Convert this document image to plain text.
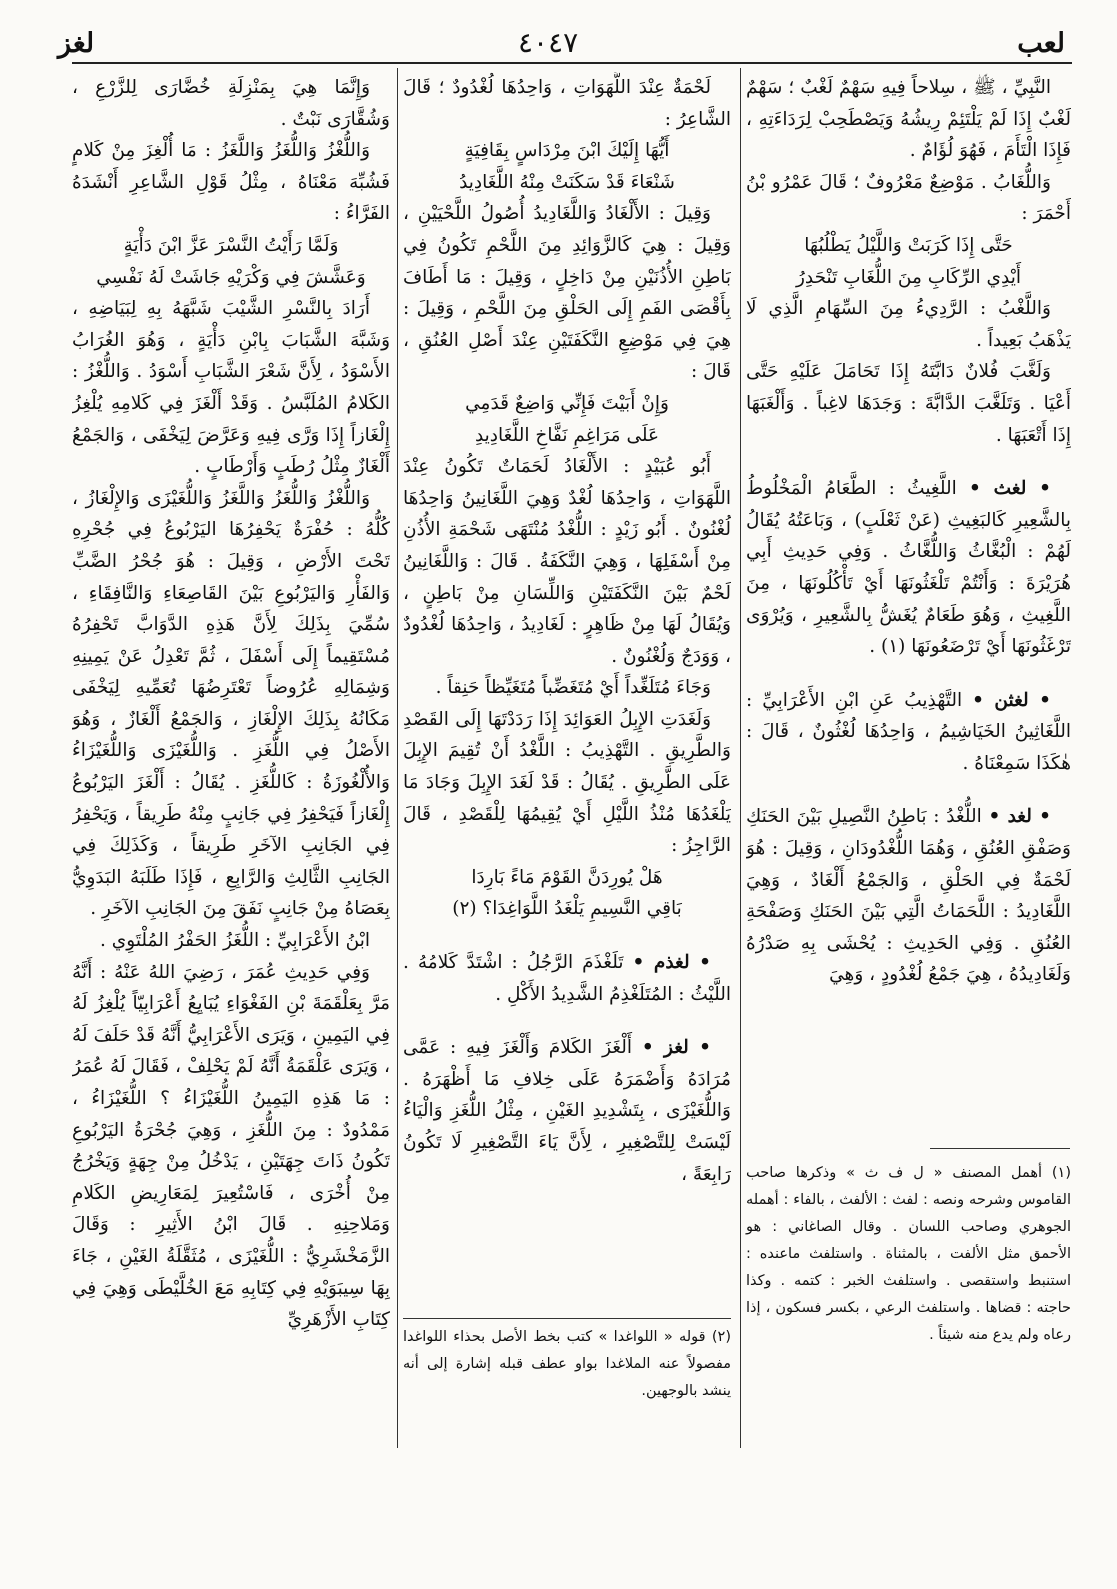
لعب
٤٠٤٧
لغز

النَّبِيِّ ، ﷺ ، سِلاحاً فِيهِ سَهْمٌ لَغْبٌ ؛ سَهْمٌ لَغْبٌ إِذَا لَمْ يَلْتَئِمْ رِيشُهُ وَيَصْطَحِبْ لِرَدَاءَتِهِ ، فَإِذَا الْتَأَمَ ، فَهُوَ لُؤَامٌ .

وَاللُّغَابُ . مَوْضِعٌ مَعْرُوفٌ ؛ قَالَ عَمْرُو بْنُ أَحْمَرَ :

حَتَّى إِذَا كَرَبَتْ وَاللَّيْلُ يَطْلُبُهَا

أَيْدِي الرِّكَابِ مِنَ اللُّغَابِ تَنْحَدِرُ

وَاللَّغْبُ : الرَّدِيءُ مِنَ السِّهَامِ الَّذِي لَا يَذْهَبُ بَعِيداً .

وَلَغَّبَ فُلانٌ دَابَّتَهُ إِذَا تَحَامَلَ عَلَيْهِ حَتَّى أَعْيَا . وَتَلَغَّبَ الدَّابَّةَ : وَجَدَهَا لاغِباً . وَأَلْغَبَهَا إِذَا أَتْعَبَهَا .

• لغث • اللَّغِيثُ : الطَّعَامُ الْمَخْلُوطُ بِالشَّعِيرِ كَالبَغِيثِ (عَنْ ثَعْلَبٍ) ، وَبَاعَتُهُ يُقَالُ لَهُمْ : الْبُغَّاثُ وَاللُّغَّاثُ . وَفِي حَدِيثِ أَبِي هُرَيْرَةَ : وَأَنْتُمْ تَلْغَثُونَهَا أَيْ تَأْكُلُونَهَا ، مِنَ اللَّغِيثِ ، وَهُوَ طَعَامٌ يُغَشُّ بِالشَّعِيرِ ، وَيُرْوَى تَرْغَثُونَهَا أَيْ تَرْضَعُونَهَا (١) .

• لغثن • التَّهْذِيبُ عَنِ ابْنِ الأَعْرَابِيِّ : اللَّغَاثِينُ الخَيَاشِيمُ ، وَاحِدُهَا لُغْثُونٌ ، قَالَ : هٰكَذَا سَمِعْنَاهُ .

• لغد • اللُّغْدُ : بَاطِنُ النَّصِيلِ بَيْنَ الحَنَكِ وَصَفْقِ العُنُقِ ، وَهُمَا اللُّغْدُودَانِ ، وَقِيلَ : هُوَ لَحْمَةٌ فِي الحَلْقِ ، وَالجَمْعُ أَلْغَادٌ ، وَهِيَ اللَّغَادِيدُ : اللَّحَمَاتُ الَّتِي بَيْنَ الحَنَكِ وَصَفْحَةِ العُنُقِ . وَفِي الحَدِيثِ : يُحْشَى بِهِ صَدْرُهُ وَلَغَادِيدُهُ ، هِيَ جَمْعُ لُغْدُودٍ ، وَهِيَ

(١) أهمل المصنف « ل ف ث » وذكرها صاحب القاموس وشرحه ونصه : لفث : الألفث ، بالفاء : أهمله الجوهري وصاحب اللسان . وقال الصاغاني : هو الأحمق مثل الألفت ، بالمثناة . واستلفث ماعنده : استنبط واستقصى . واستلفث الخبر : كتمه . وكذا حاجته : قضاها . واستلفث الرعي ، بكسر فسكون ، إذا رعاه ولم يدع منه شيئاً .

لَحْمَةٌ عِنْدَ اللَّهَوَاتِ ، وَاحِدُهَا لُغْدُودٌ ؛ قَالَ الشَّاعِرُ :

أَيُّهَا إِلَيْكَ ابْنَ مِرْدَاسٍ بِقَافِيَةٍ

شَنْعَاءَ قَدْ سَكَنَتْ مِنْهُ اللَّغَادِيدُ

وَقِيلَ : الأَلْغَادُ وَاللَّغَادِيدُ أُصُولُ اللَّحْيَيْنِ ، وَقِيلَ : هِيَ كَالزَّوَائِدِ مِنَ اللَّحْمِ تَكُونُ فِي بَاطِنِ الأُذُنَيْنِ مِنْ دَاخِلٍ ، وَقِيلَ : مَا أَطَافَ بِأَقْصَى الفَمِ إِلَى الحَلْقِ مِنَ اللَّحْمِ ، وَقِيلَ : هِيَ فِي مَوْضِعِ النَّكَفَتَيْنِ عِنْدَ أَصْلِ العُنُقِ ، قَالَ :

وَإِنْ أَبَيْتَ فَإِنِّي وَاضِعٌ قَدَمِي

عَلَى مَرَاغِمِ نَفَّاخِ اللَّغَادِيدِ

أَبُو عُبَيْدٍ : الأَلْغَادُ لَحَمَاتٌ تَكُونُ عِنْدَ اللَّهَوَاتِ ، وَاحِدُهَا لُغْدٌ وَهِيَ اللَّغَانِينُ وَاحِدُهَا لُغْنُونٌ . أَبُو زَيْدٍ : اللُّغْدُ مُنْتَهَى شَحْمَةِ الأُذُنِ مِنْ أَسْفَلِهَا ، وَهِيَ النَّكَفَةُ . قَالَ : وَاللَّغَانِينُ لَحْمٌ بَيْنَ النَّكَفَتَيْنِ وَاللِّسَانِ مِنْ بَاطِنٍ ، وَيُقَالُ لَهَا مِنْ ظَاهِرٍ : لَغَادِيدُ ، وَاحِدُهَا لُغْدُودٌ ، وَوَدَجٌ وَلُغْنُونٌ .

وَجَاءَ مُتَلَغِّداً أَيْ مُتَغَضِّباً مُتَغَيِّظاً حَنِقاً .

وَلَغَدَتِ الإِبِلُ العَوَائِدَ إِذَا رَدَدْتَهَا إِلَى القَصْدِ وَالطَّرِيقِ . التَّهْذِيبُ : اللَّغْدُ أَنْ تُقِيمَ الإِبِلَ عَلَى الطَّرِيقِ . يُقَالُ : قَدْ لَغَدَ الإِبِلَ وَجَادَ مَا يَلْغَدُهَا مُنْذُ اللَّيْلِ أَيْ يُقِيمُهَا لِلْقَصْدِ ، قَالَ الرَّاجِزُ :

هَلْ يُورِدَنَّ القَوْمَ مَاءً بَارِدَا

بَاقِي النَّسِيمِ يَلْغَدُ اللَّوَاغِدَا؟ (٢)

• لغذم • تَلَغْذَمَ الرَّجُلُ : اشْتَدَّ كَلامُهُ . اللَّيْثُ : المُتَلَغْذِمُ الشَّدِيدُ الأَكْلِ .

• لغز • أَلْغَزَ الكَلامَ وَأَلْغَزَ فِيهِ : عَمَّى مُرَادَهُ وَأَضْمَرَهُ عَلَى خِلافِ مَا أَظْهَرَهُ . وَاللُّغَيْزَى ، بِتَشْدِيدِ الغَيْنِ ، مِثْلُ اللُّغَزِ وَالْيَاءُ لَيْسَتْ لِلتَّصْغِيرِ ، لِأَنَّ يَاءَ التَّصْغِيرِ لَا تَكُونُ رَابِعَةً ،

(٢) قوله « اللواغدا » كتب بخط الأصل بحذاء اللواغدا مفصولاً عنه الملاغدا بواو عطف قبله إشارة إلى أنه ينشد بالوجهين.

وَإِنَّمَا هِيَ بِمَنْزِلَةِ خُضَّارَى لِلزَّرْعِ ، وَشُقَّارَى نَبْتٌ .

وَاللُّغْزُ وَاللُّغَزُ وَاللَّغَزُ : مَا أُلْغِزَ مِنْ كَلامٍ فَشُبِّهَ مَعْنَاهُ ، مِثْلُ قَوْلِ الشَّاعِرِ أَنْشَدَهُ الفَرَّاءُ :

وَلَمَّا رَأَيْتُ النَّسْرَ عَزَّ ابْنَ دَأْيَةٍ

وَعَشَّشَ فِي وَكْرَيْهِ جَاشَتْ لَهُ نَفْسِي

أَرَادَ بِالنَّسْرِ الشَّيْبَ شَبَّهَهُ بِهِ لِبَيَاضِهِ ، وَشَبَّهَ الشَّبَابَ بِابْنِ دَأْيَةٍ ، وَهُوَ الغُرَابُ الأَسْوَدُ ، لِأَنَّ شَعْرَ الشَّبَابِ أَسْوَدُ . وَاللُّغْزُ : الكَلامُ المُلَبَّسُ . وَقَدْ أَلْغَزَ فِي كَلامِهِ يُلْغِزُ إِلْغَازاً إِذَا وَرَّى فِيهِ وَعَرَّضَ لِيَخْفَى ، وَالجَمْعُ أَلْغَازٌ مِثْلُ رُطَبٍ وَأَرْطَابٍ .

وَاللُّغْزُ وَاللُّغَزُ وَاللَّغَزُ وَاللُّغَيْزَى وَالإِلْغَازُ ، كُلُّهُ : حُفْرَةٌ يَحْفِرُهَا اليَرْبُوعُ فِي جُحْرِهِ تَحْتَ الأَرْضِ ، وَقِيلَ : هُوَ جُحْرُ الضَّبِّ وَالفَأْرِ وَاليَرْبُوعِ بَيْنَ القَاصِعَاءِ وَالنَّافِقَاءِ ، سُمِّيَ بِذَلِكَ لِأَنَّ هَذِهِ الدَّوَابَّ تَحْفِرُهُ مُسْتَقِيماً إِلَى أَسْفَلَ ، ثُمَّ تَعْدِلُ عَنْ يَمِينِهِ وَشِمَالِهِ عُرُوضاً تَعْتَرِضُهَا تُعَمِّيهِ لِيَخْفَى مَكَانُهُ بِذَلِكَ الإِلْغَازِ ، وَالجَمْعُ أَلْغَازٌ ، وَهُوَ الأَصْلُ فِي اللُّغَزِ . وَاللُّغَيْزَى وَاللُّغَيْزَاءُ وَالأُلْغُوزَةُ : كَاللُّغَزِ . يُقَالُ : أَلْغَزَ اليَرْبُوعُ إِلْغَازاً فَيَحْفِرُ فِي جَانِبٍ مِنْهُ طَرِيقاً ، وَيَحْفِرُ فِي الجَانِبِ الآخَرِ طَرِيقاً ، وَكَذَلِكَ فِي الجَانِبِ الثَّالِثِ وَالرَّابِعِ ، فَإِذَا طَلَبَهُ البَدَوِيُّ بِعَصَاهُ مِنْ جَانِبٍ نَفَقَ مِنَ الجَانِبِ الآخَرِ .

ابْنُ الأَعْرَابِيِّ : اللُّغَزُ الحَفْرُ المُلْتَوِي .

وَفِي حَدِيثِ عُمَرَ ، رَضِيَ اللهُ عَنْهُ : أَنَّهُ مَرَّ بِعَلْقَمَةَ بْنِ الفَغْوَاءِ يُبَايِعُ أَعْرَابِيّاً يُلْغِزُ لَهُ فِي اليَمِينِ ، وَيَرَى الأَعْرَابِيُّ أَنَّهُ قَدْ حَلَفَ لَهُ ، وَيَرَى عَلْقَمَةُ أَنَّهُ لَمْ يَحْلِفْ ، فَقَالَ لَهُ عُمَرُ : مَا هَذِهِ اليَمِينُ اللُّغَيْزَاءُ ؟ اللُّغَيْزَاءُ ، مَمْدُودٌ : مِنَ اللُّغَزِ ، وَهِيَ جُحْرَةُ اليَرْبُوعِ تَكُونُ ذَاتَ جِهَتَيْنِ ، يَدْخُلُ مِنْ جِهَةٍ وَيَخْرُجُ مِنْ أُخْرَى ، فَاسْتُعِيرَ لِمَعَارِيضِ الكَلامِ وَمَلاحِنِهِ . قَالَ ابْنُ الأَثِيرِ : وَقَالَ الزَّمَخْشَرِيُّ : اللُّغَيْزَى ، مُثَقَّلَةُ الغَيْنِ ، جَاءَ بِهَا سِيبَوَيْهِ فِي كِتَابِهِ مَعَ الخُلَّيْطَى وَهِيَ فِي كِتَابِ الأَزْهَرِيِّ
